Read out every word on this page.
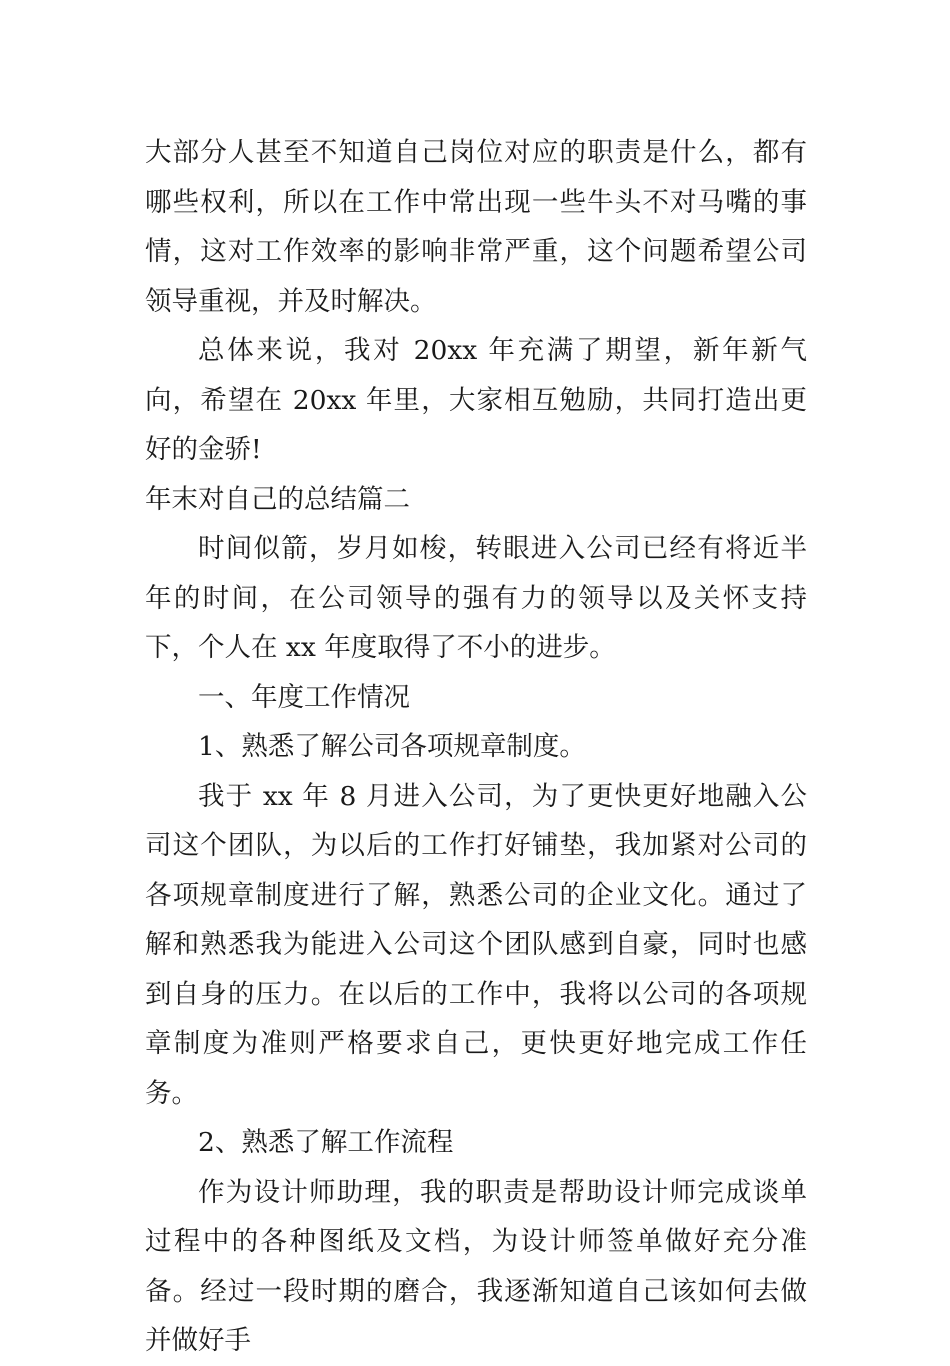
大部分人甚至不知道自己岗位对应的职责是什么，都有哪些权利，所以在工作中常出现一些牛头不对马嘴的事情，这对工作效率的影响非常严重，这个问题希望公司领导重视，并及时解决。

总体来说，我对 20xx 年充满了期望，新年新气向，希望在 20xx 年里，大家相互勉励，共同打造出更好的金骄!

年末对自己的总结篇二

时间似箭，岁月如梭，转眼进入公司已经有将近半年的时间，在公司领导的强有力的领导以及关怀支持下，个人在 xx 年度取得了不小的进步。

一、年度工作情况

1、熟悉了解公司各项规章制度。

我于 xx 年 8 月进入公司，为了更快更好地融入公司这个团队，为以后的工作打好铺垫，我加紧对公司的各项规章制度进行了解，熟悉公司的企业文化。通过了解和熟悉我为能进入公司这个团队感到自豪，同时也感到自身的压力。在以后的工作中，我将以公司的各项规章制度为准则严格要求自己，更快更好地完成工作任务。

2、熟悉了解工作流程

作为设计师助理，我的职责是帮助设计师完成谈单过程中的各种图纸及文档，为设计师签单做好充分准备。经过一段时期的磨合，我逐渐知道自己该如何去做并做好手
